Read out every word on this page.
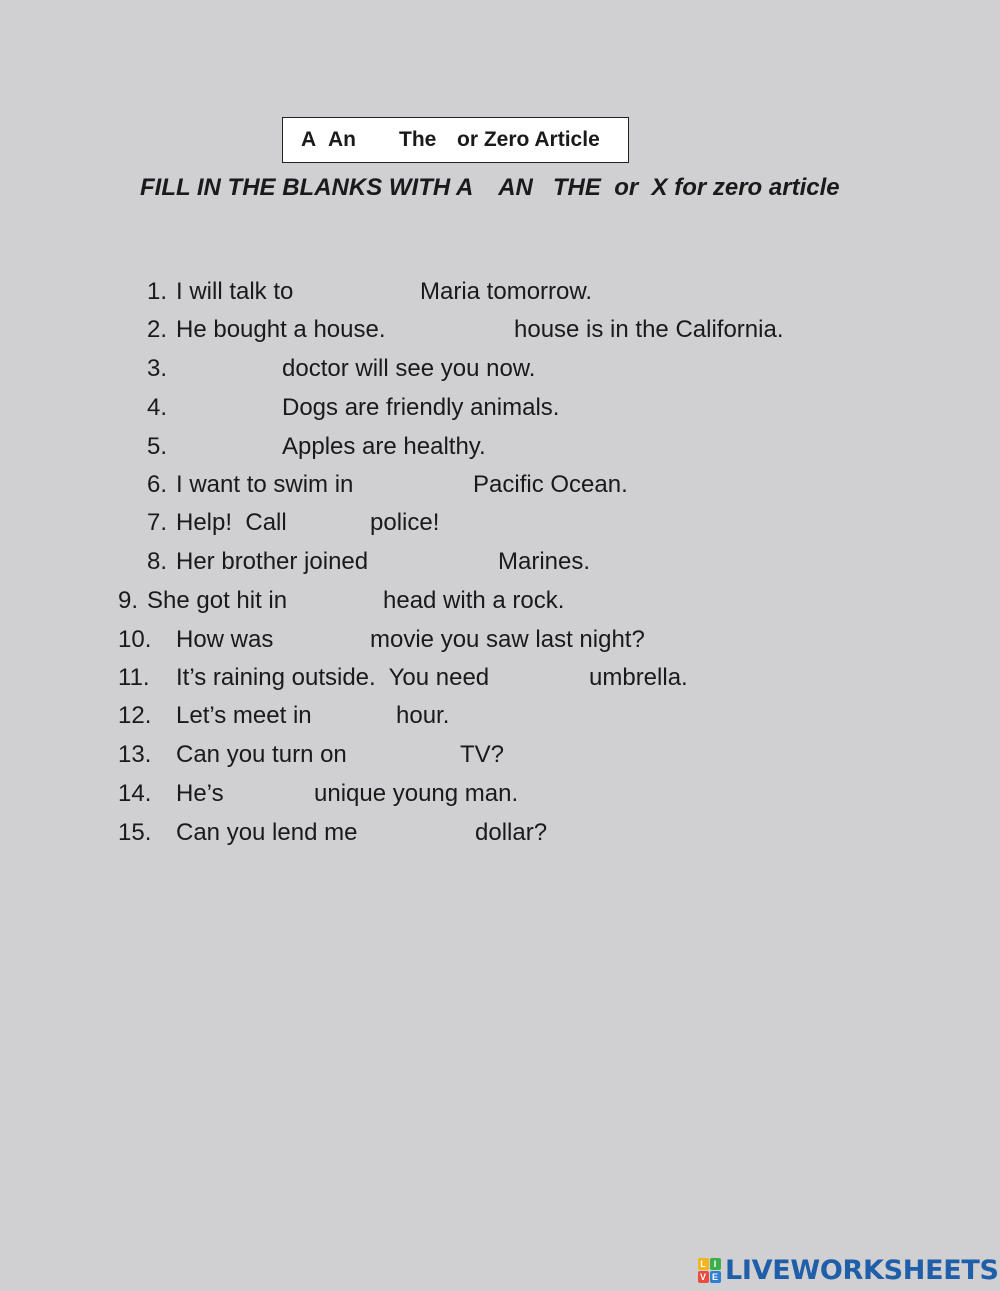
A

An

The

or Zero Article

FILL IN THE BLANKS WITH A    AN   THE  or  X for zero article

1.

I will talk to

	Maria tomorrow.

2.

He bought a house.

	house is in the California.

3.

	doctor will see you now.

4.

	Dogs are friendly animals.

5.

	Apples are healthy.

6.

I want to swim in

	Pacific Ocean.

7.

Help!  Call

	police!

8.

Her brother joined

	Marines.

9.

She got hit in

	head with a rock.

10.

How was

	movie you saw last night?

11.

It’s raining outside.  You need

	umbrella.

12.

Let’s meet in

	hour.

13.

Can you turn on

	TV?

14.

He’s

	unique young man.

15.

Can you lend me

	dollar?

L I
V E LIVEWORKSHEETS
